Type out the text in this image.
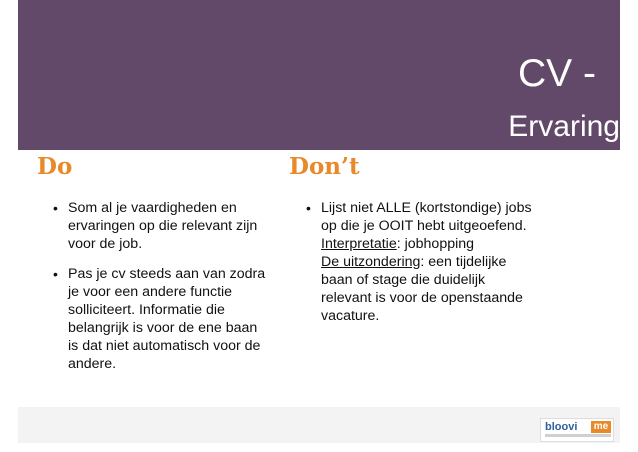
CV -
Ervaring
Do	Don’t
• Som al je vaardigheden en ervaringen op die relevant zijn voor de job.
• Pas je cv steeds aan van zodra je voor een andere functie solliciteert. Informatie die belangrijk is voor de ene baan is dat niet automatisch voor de andere.
• Lijst niet ALLE (kortstondige) jobs op die je OOIT hebt uitgeoefend.
Interpretatie: jobhopping
De uitzondering: een tijdelijke baan of stage die duidelijk relevant is voor de openstaande vacature.
bloovi me
